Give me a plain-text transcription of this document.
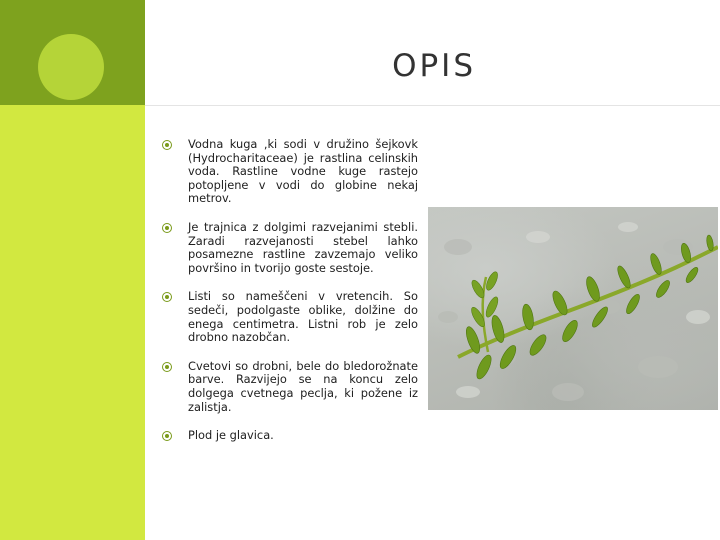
OPIS
Vodna kuga ,ki sodi v družino šejkovk (Hydrocharitaceae) je rastlina celinskih voda. Rastline vodne kuge rastejo potopljene v vodi do globine nekaj metrov.
Je trajnica z dolgimi razvejanimi stebli. Zaradi razvejanosti stebel lahko posamezne rastline zavzemajo veliko površino in tvorijo goste sestoje.
Listi so nameščeni v vretencih. So sedeči, podolgaste oblike, dolžine do enega centimetra. Listni rob je zelo drobno nazobčan.
Cvetovi so drobni, bele do bledorožnate barve. Razvijejo se na koncu zelo dolgega cvetnega peclja, ki požene iz zalistja.
Plod je glavica.
